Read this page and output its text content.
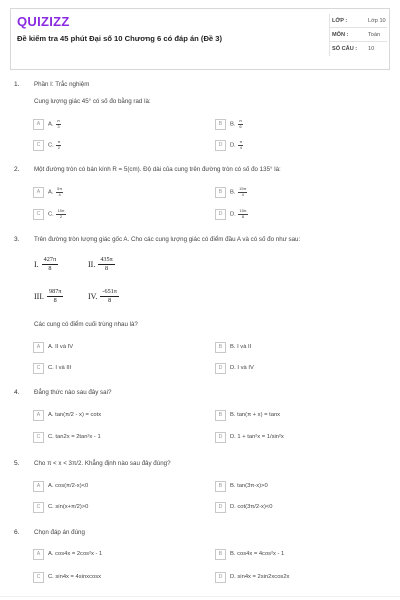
QUIZIZZ
Đề kiểm tra 45 phút Đại số 10 Chương 6 có đáp án (Đề 3)
LỚP :	Lớp 10
MÔN :	Toán
SỐ CÂU :	10
1. Phần I: Trắc nghiệm
Cung lượng giác 45° có số đo bằng rad là:
A	A. $\frac{\pi}{3}$	B	B. $\frac{\pi}{6}$
C	C. $\frac{\pi}{2}$	D	D. $\frac{\pi}{4}$
2. Một đường tròn có bán kính R = 5(cm). Độ dài của cung trên đường tròn có số đo 135° là:
A	A. $\frac{5\pi}{4}$	B	B. $\frac{15\pi}{4}$
C	C. $\frac{15\pi}{2}$	D	D. $\frac{15\pi}{8}$
3. Trên đường tròn lượng giác gốc A. Cho các cung lượng giác có điểm đầu A và có số đo như sau:
I.
427π
8	II.
435π
8
III.
987π
8	IV.
-651π
8
Các cung có điểm cuối trùng nhau là?
A	A. II và IV	B	B. I và II
C	C. I và III	D	D. I và IV
4. Đẳng thức nào sau đây sai?
A	A. tan(π/2 - x) = cotx	B	B. tan(π + x) = tanx
C	C. tan2x = 2tan²x - 1	D	D. 1 + tan²x = 1/sin²x
5. Cho π < x < 3π/2. Khẳng định nào sau đây đúng?
A	A. cos(π/2-x)<0	B	B. tan(3π-x)>0
C	C. sin(x+π/2)>0	D	D. cot(3π/2-x)<0
6. Chọn đáp án đúng
A	A. cos4x = 2cos²x - 1	B	B. cos4x = 4cos²x - 1
C	C. sin4x = 4sinxcosx	D	D. sin4x = 2sin2xcos2x
